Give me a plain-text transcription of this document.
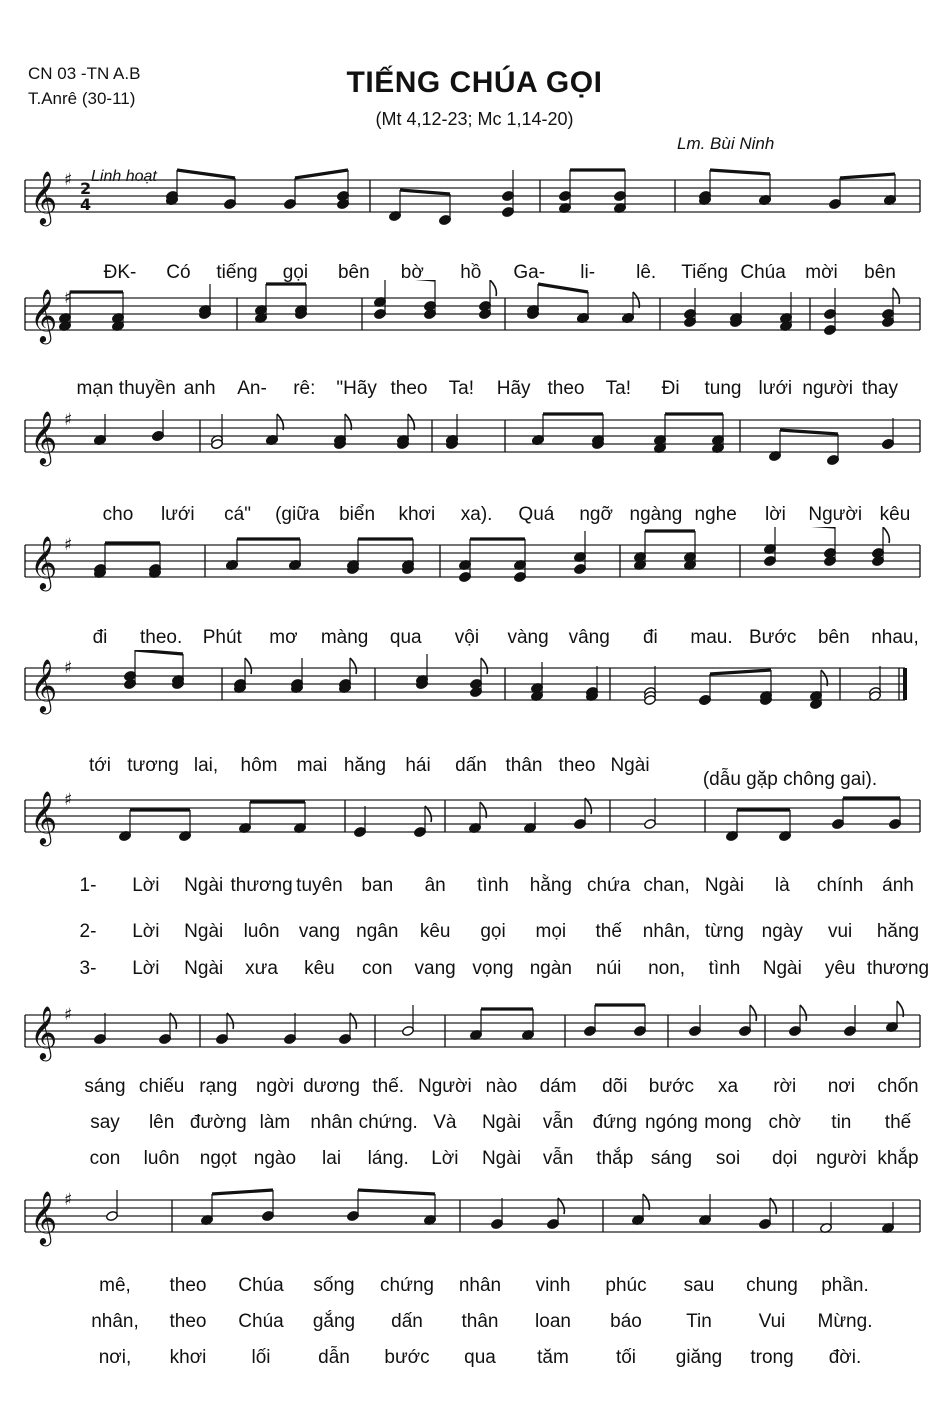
CN 03 -TN A.B
T.Anrê (30-11)	TIẾNG CHÚA GỌI
(Mt 4,12-23; Mc 1,14-20)
Lm. Bùi Ninh
Linh hoạt
𝄞 ♯ 2
4
𝄞 ♯
𝄞 ♯
𝄞 ♯
𝄞 ♯
𝄞 ♯
𝄞 ♯
𝄞 ♯
ĐK- Có tiếng gọi bên bờ hồ Ga- li- lê. Tiếng Chúa mời bên
mạn thuyền anh An- rê: "Hãy theo Ta! Hãy theo Ta! Đi tung lưới người thay
cho lưới cá" (giữa biển khơi xa). Quá ngỡ ngàng nghe lời Người kêu
đi theo. Phút mơ màng qua vội vàng vâng đi mau. Bước bên nhau,
tới tương lai, hôm mai hăng hái dấn thân theo Ngài
(dẫu gặp chông gai).
1- Lời Ngài thương tuyên ban ân tình hằng chứa chan, Ngài là chính ánh
2- Lời Ngài luôn vang ngân kêu gọi mọi thế nhân, từng ngày vui hăng
3- Lời Ngài xưa kêu con vang vọng ngàn núi non, tình Ngài yêu thương
sáng chiếu rạng ngời dương thế. Người nào dám dõi bước xa rời nơi chốn
say lên đường làm nhân chứng. Và Ngài vẫn đứng ngóng mong chờ tin thế
con luôn ngọt ngào lai láng. Lời Ngài vẫn thắp sáng soi dọi người khắp
mê, theo Chúa sống chứng nhân vinh phúc sau chung phần.
nhân, theo Chúa gắng dấn thân loan báo Tin Vui Mừng.
nơi, khơi lối	dẫn bước qua tăm tối giăng trong đời.
